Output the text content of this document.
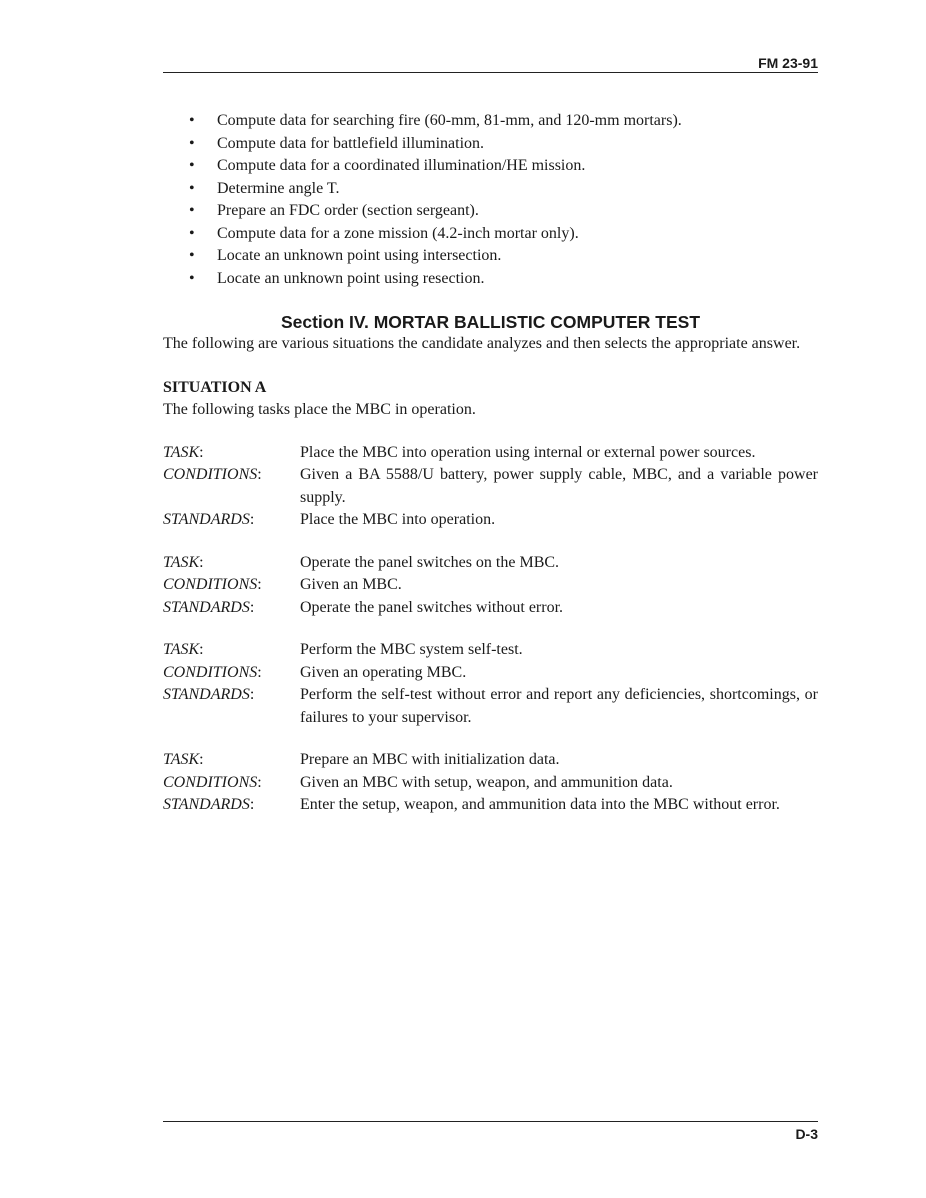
FM 23-91
• Compute data for searching fire (60-mm, 81-mm, and 120-mm mortars).
• Compute data for battlefield illumination.
• Compute data for a coordinated illumination/HE mission.
• Determine angle T.
• Prepare an FDC order (section sergeant).
• Compute data for a zone mission (4.2-inch mortar only).
• Locate an unknown point using intersection.
• Locate an unknown point using resection.
Section IV. MORTAR BALLISTIC COMPUTER TEST

The following are various situations the candidate analyzes and then selects the appropriate answer.

SITUATION A

The following tasks place the MBC in operation.

TASK:	Place the MBC into operation using internal or external power sources.
CONDITIONS:	Given a BA 5588/U battery, power supply cable, MBC, and a variable power supply.
STANDARDS:	Place the MBC into operation.
TASK:	Operate the panel switches on the MBC.
CONDITIONS:	Given an MBC.
STANDARDS:	Operate the panel switches without error.
TASK:	Perform the MBC system self-test.
CONDITIONS:	Given an operating MBC.
STANDARDS:	Perform the self-test without error and report any deficiencies, shortcomings, or failures to your supervisor.
TASK:	Prepare an MBC with initialization data.
CONDITIONS:	Given an MBC with setup, weapon, and ammunition data.
STANDARDS:	Enter the setup, weapon, and ammunition data into the MBC without error.
D-3
